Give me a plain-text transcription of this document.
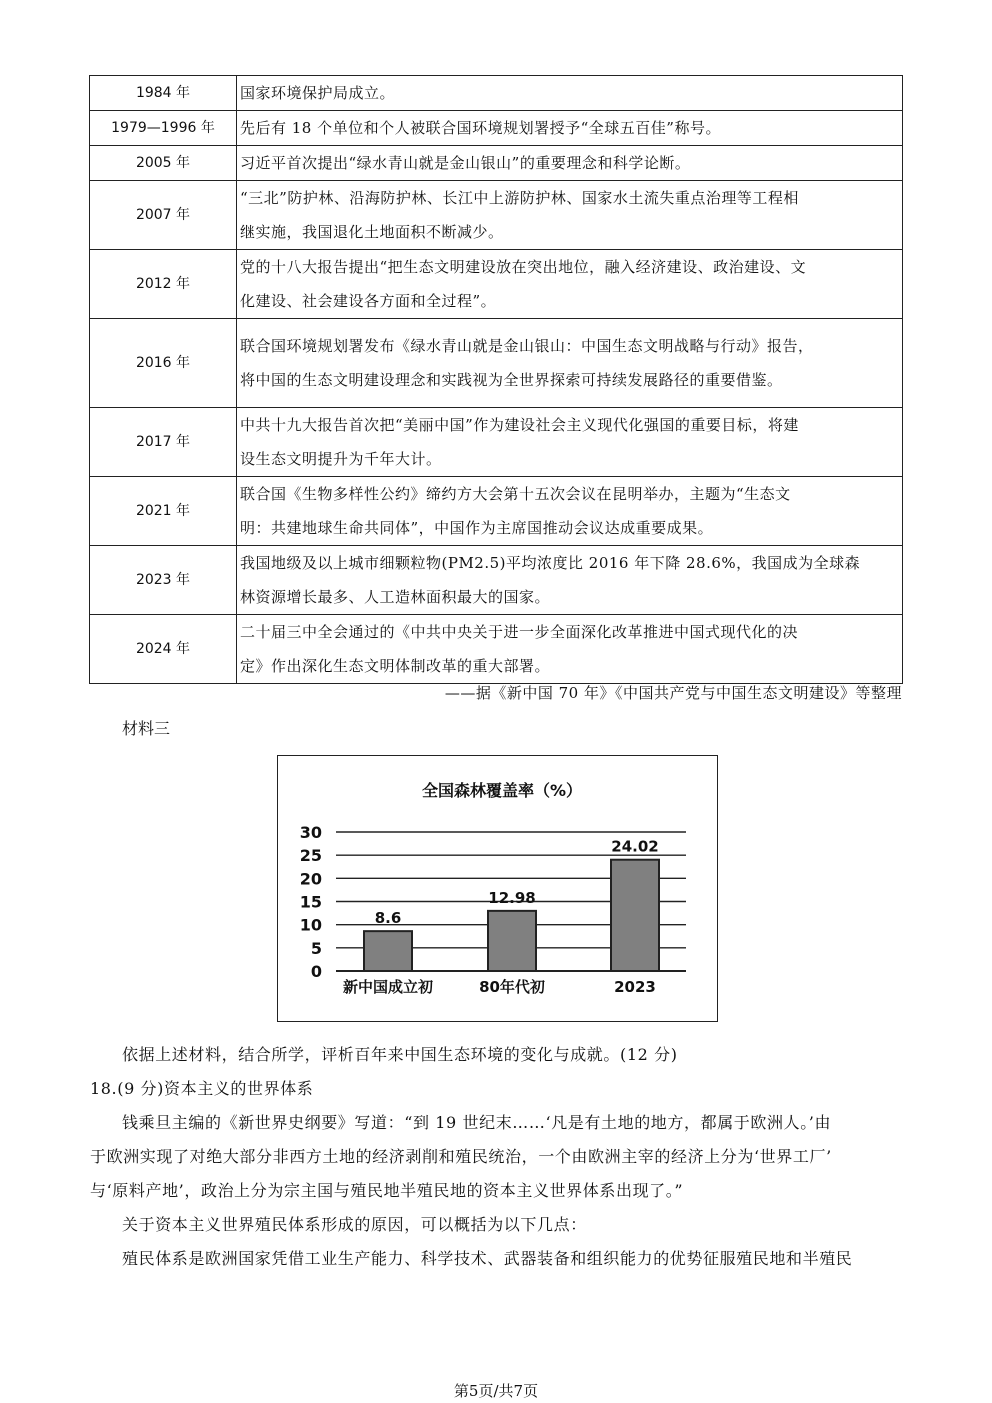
1984 年	国家环境保护局成立。

1979—1996 年	先后有 18 个单位和个人被联合国环境规划署授予“全球五百佳”称号。

2005 年	习近平首次提出“绿水青山就是金山银山”的重要理念和科学论断。

2007 年	“三北”防护林、沿海防护林、长江中上游防护林、国家水土流失重点治理等工程相
继实施，我国退化土地面积不断减少。

2012 年	党的十八大报告提出“把生态文明建设放在突出地位，融入经济建设、政治建设、文
化建设、社会建设各方面和全过程”。

2016 年	联合国环境规划署发布《绿水青山就是金山银山：中国生态文明战略与行动》报告，
将中国的生态文明建设理念和实践视为全世界探索可持续发展路径的重要借鉴。

2017 年	中共十九大报告首次把“美丽中国”作为建设社会主义现代化强国的重要目标，将建
设生态文明提升为千年大计。

2021 年	联合国《生物多样性公约》缔约方大会第十五次会议在昆明举办，主题为“生态文
明：共建地球生命共同体”，中国作为主席国推动会议达成重要成果。

2023 年	我国地级及以上城市细颗粒物(PM2.5)平均浓度比 2016 年下降 28.6%，我国成为全球森
林资源增长最多、人工造林面积最大的国家。

2024 年	二十届三中全会通过的《中共中央关于进一步全面深化改革推进中国式现代化的决
定》作出深化生态文明体制改革的重大部署。
——据《新中国 70 年》《中国共产党与中国生态文明建设》等整理
材料三
全国森林覆盖率（%）
0
5
10
15
20
25
30
8.6
12.98
24.02
新中国成立初	80年代初	2023
依据上述材料，结合所学，评析百年来中国生态环境的变化与成就。(12 分)
18.(9 分)资本主义的世界体系
钱乘旦主编的《新世界史纲要》写道：“到 19 世纪末……‘凡是有土地的地方，都属于欧洲人。’由
于欧洲实现了对绝大部分非西方土地的经济剥削和殖民统治，一个由欧洲主宰的经济上分为‘世界工厂’
与‘原料产地’，政治上分为宗主国与殖民地半殖民地的资本主义世界体系出现了。”
关于资本主义世界殖民体系形成的原因，可以概括为以下几点：
殖民体系是欧洲国家凭借工业生产能力、科学技术、武器装备和组织能力的优势征服殖民地和半殖民
第5页/共7页
